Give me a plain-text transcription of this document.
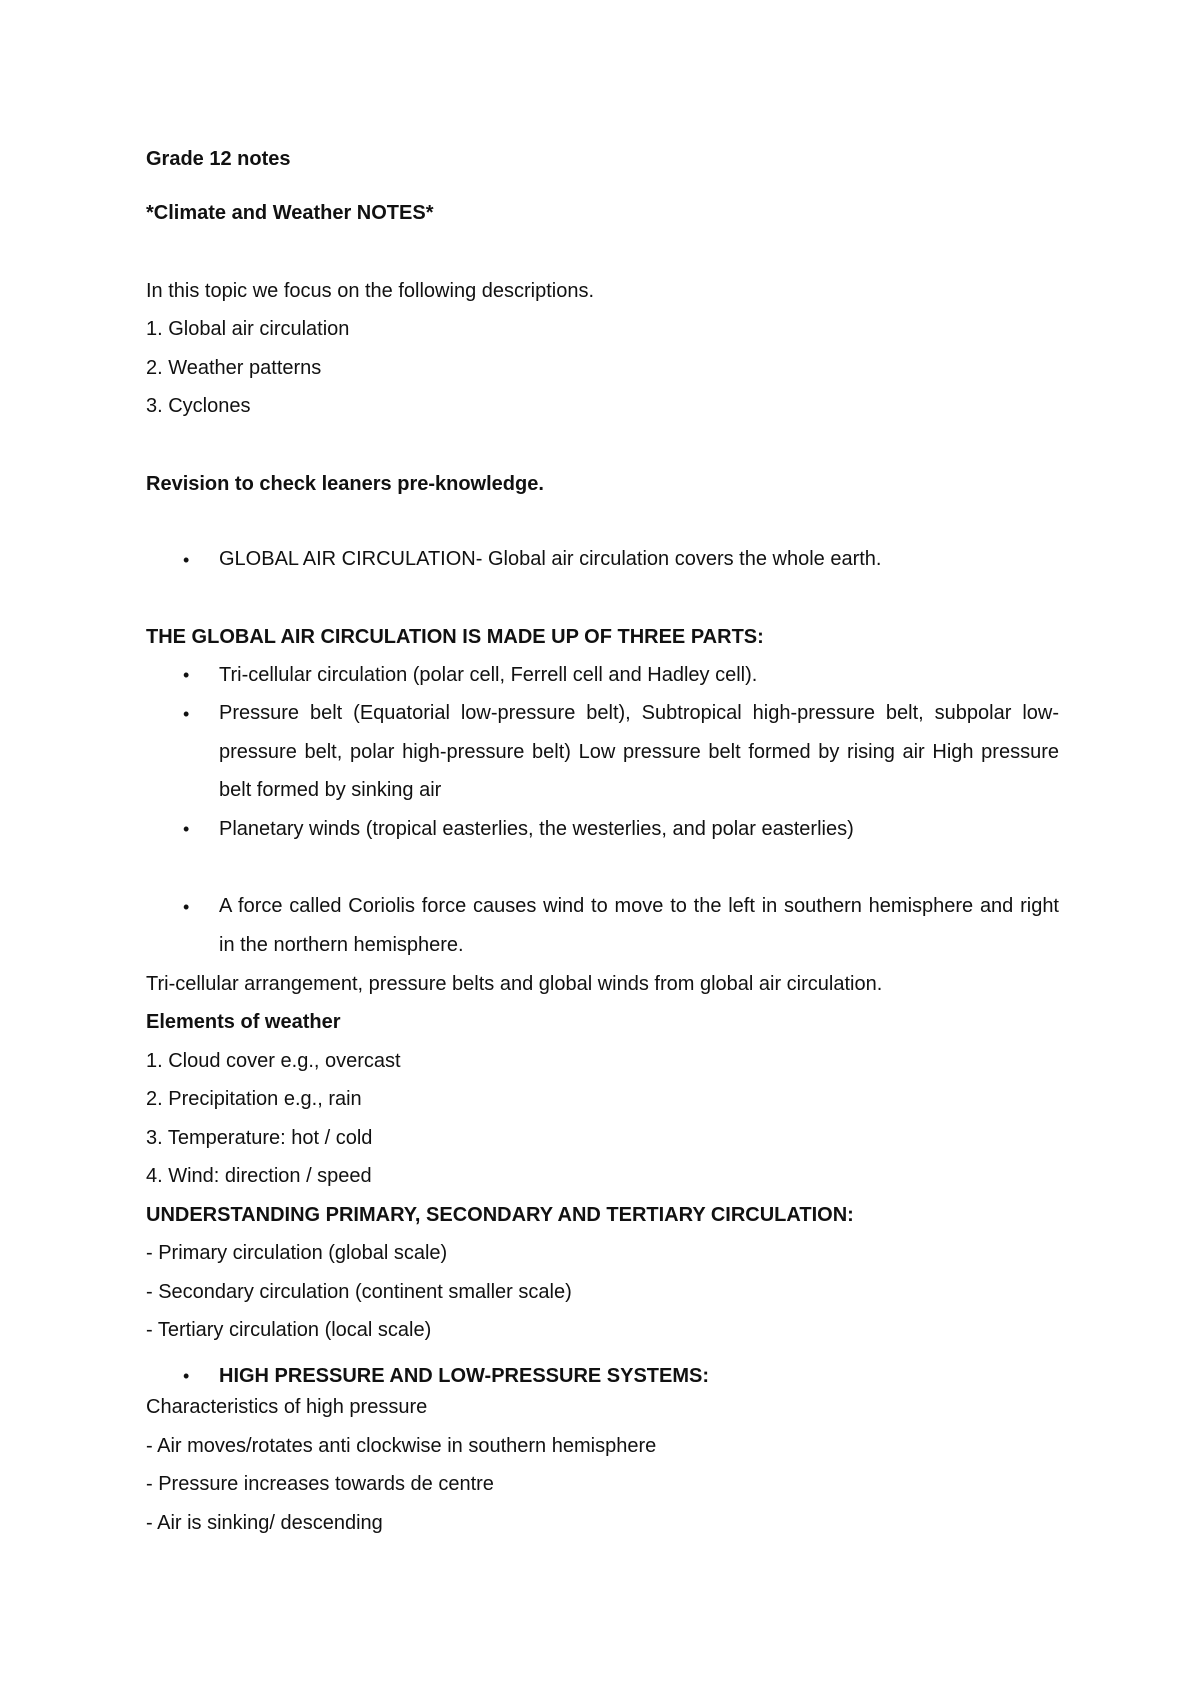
Grade 12 notes
*Climate and Weather NOTES*
In this topic we focus on the following descriptions.
1. Global air circulation
2. Weather patterns
3. Cyclones
Revision to check leaners pre-knowledge.
• GLOBAL AIR CIRCULATION- Global air circulation covers the whole earth.
THE GLOBAL AIR CIRCULATION IS MADE UP OF THREE PARTS:
• Tri-cellular circulation (polar cell, Ferrell cell and Hadley cell).
• Pressure belt (Equatorial low-pressure belt), Subtropical high-pressure belt, subpolar low-pressure belt, polar high-pressure belt) Low pressure belt formed by rising air High pressure belt formed by sinking air
• Planetary winds (tropical easterlies, the westerlies, and polar easterlies)
• A force called Coriolis force causes wind to move to the left in southern hemisphere and right in the northern hemisphere.
Tri-cellular arrangement, pressure belts and global winds from global air circulation.
Elements of weather
1. Cloud cover e.g., overcast
2. Precipitation e.g., rain
3. Temperature: hot / cold
4. Wind: direction / speed
UNDERSTANDING PRIMARY, SECONDARY AND TERTIARY CIRCULATION:
- Primary circulation (global scale)
- Secondary circulation (continent smaller scale)
- Tertiary circulation (local scale)
• HIGH PRESSURE AND LOW-PRESSURE SYSTEMS:
Characteristics of high pressure
- Air moves/rotates anti clockwise in southern hemisphere
- Pressure increases towards de centre
- Air is sinking/ descending
